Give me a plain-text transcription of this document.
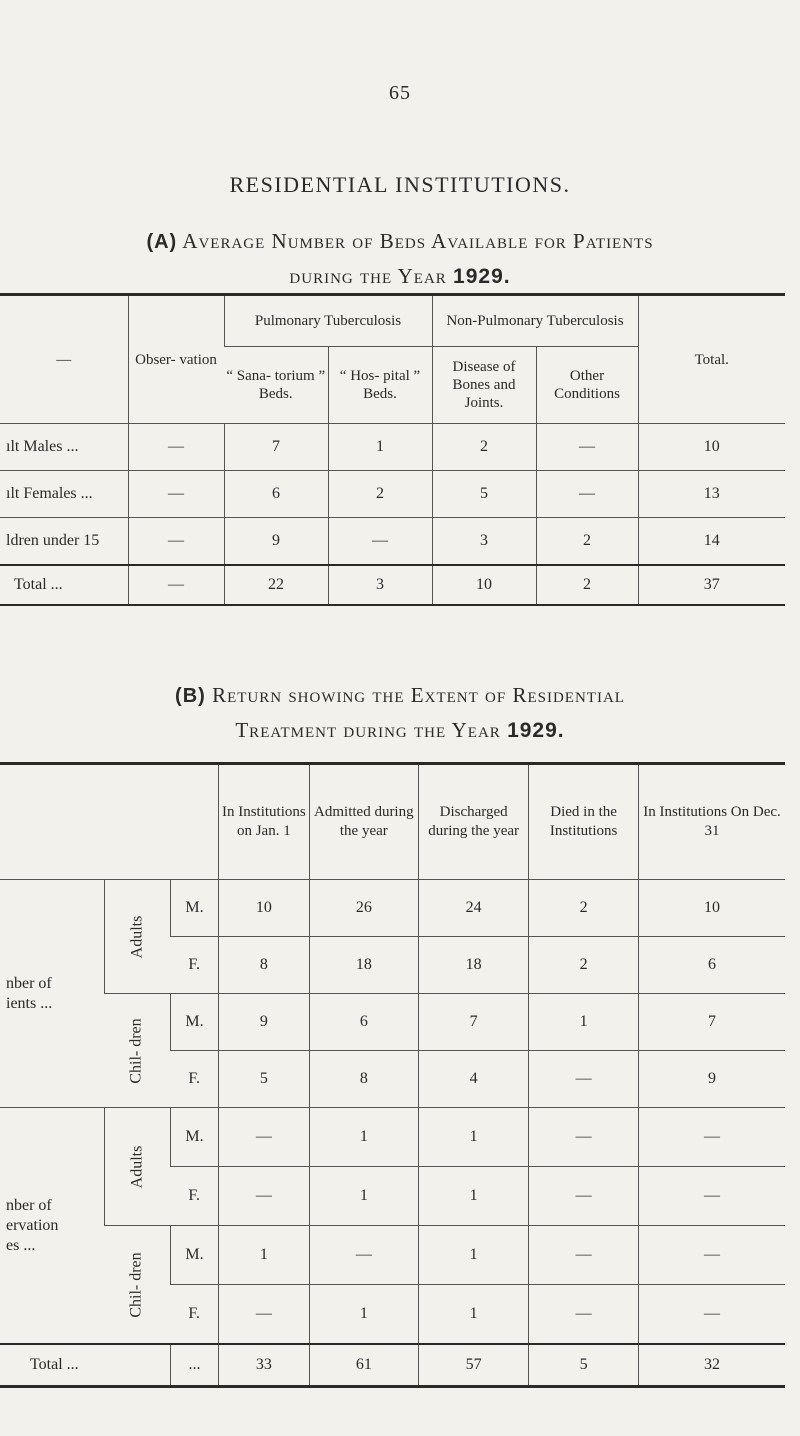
65
RESIDENTIAL INSTITUTIONS.
(A) Average Number of Beds Available for Patients
during the Year 1929.
—	Obser- vation	Pulmonary Tuberculosis		Non-Pulmonary Tuberculosis		Total.
		“ Sana- torium ” Beds.	“ Hos- pital ” Beds.	Disease of Bones and Joints.	Other Conditions	
ılt Males ...	—	7	1	2	—	10
ılt Females ...	—	6	2	5	—	13
ldren under 15	—	9	—	3	2	14
Total ...	—	22	3	10	2	37
(B) Return showing the Extent of Residential
Treatment during the Year 1929.
			In Institutions on Jan. 1	Admitted during the year	Discharged during the year	Died in the Institutions	In Institutions On Dec. 31

nber of
ients ...	Adults	M.	10	26	24	2	10
		F.	8	18	18	2	6
	Chil- dren	M.	9	6	7	1	7
		F.	5	8	4	—	9

nber of
ervation
es ...	Adults	M.	—	1	1	—	—
		F.	—	1	1	—	—
	Chil- dren	M.	1	—	1	—	—
		F.	—	1	1	—	—
Total ...		...	33	61	57	5	32
